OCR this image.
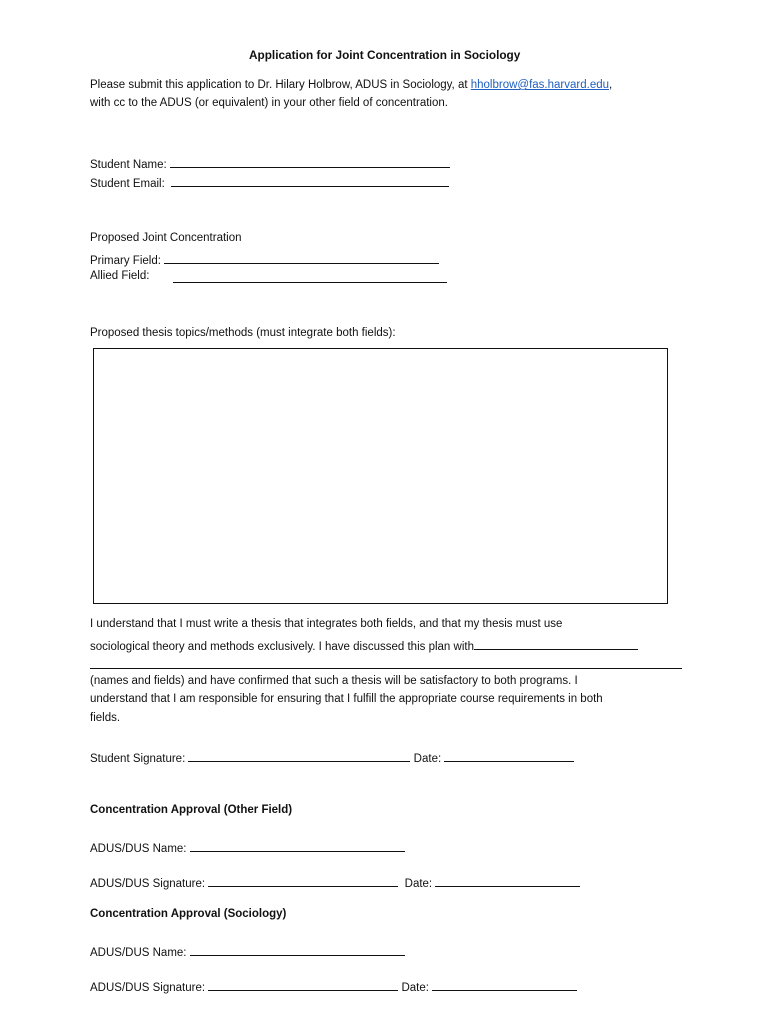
Application for Joint Concentration in Sociology
Please submit this application to Dr. Hilary Holbrow, ADUS in Sociology, at hholbrow@fas.harvard.edu,
with cc to the ADUS (or equivalent) in your other field of concentration.
Student Name:
Student Email:
Proposed Joint Concentration
Primary Field:
Allied Field:
Proposed thesis topics/methods (must integrate both fields):
I understand that I must write a thesis that integrates both fields, and that my thesis must use
sociological theory and methods exclusively. I have discussed this plan with
(names and fields) and have confirmed that such a thesis will be satisfactory to both programs. I
understand that I am responsible for ensuring that I fulfill the appropriate course requirements in both
fields.
Student Signature:	Date:
Concentration Approval (Other Field)
ADUS/DUS Name:
ADUS/DUS Signature:	Date:
Concentration Approval (Sociology)
ADUS/DUS Name:
ADUS/DUS Signature:	Date:
